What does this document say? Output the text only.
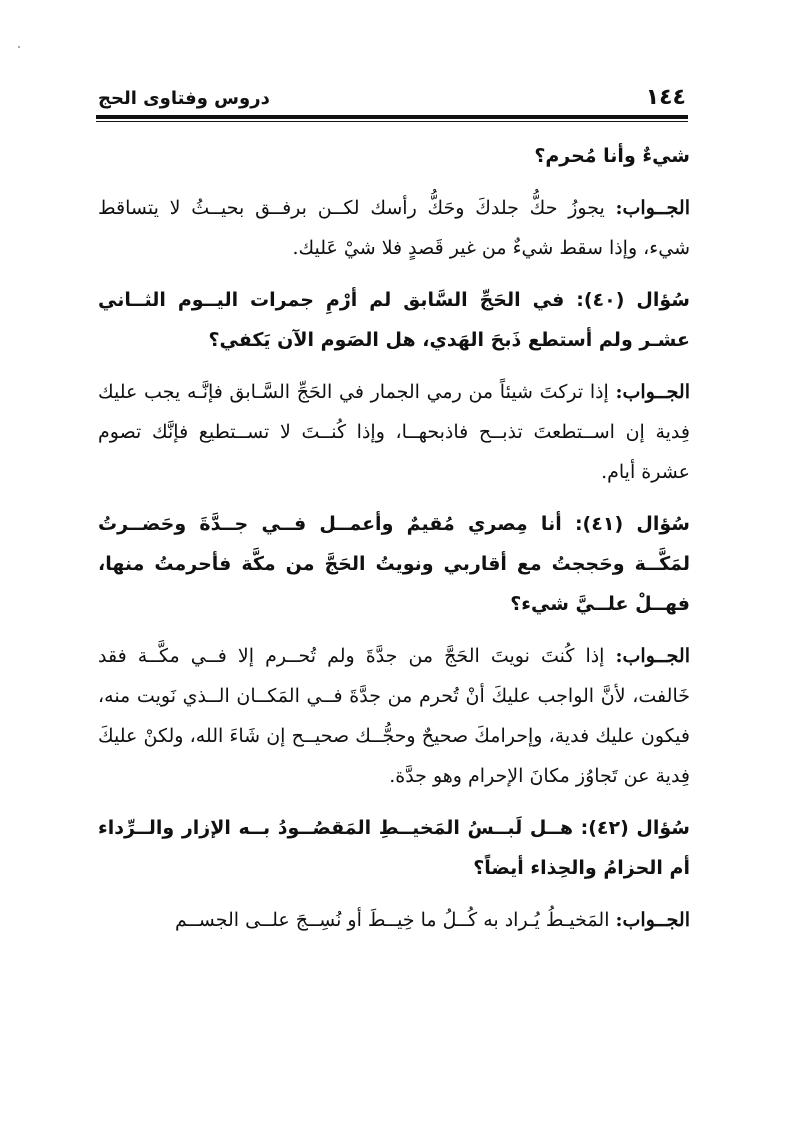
١٤٤
دروس وفتاوى الحج

شيءٌ وأنا مُحرم؟

الجــواب: يجوزُ حكُّ جلدكَ وحَكُّ رأسك لكــن برفــق بحيــثُ لا يتساقط شيء، وإذا سقط شيءٌ من غير قَصدٍ فلا شيْ عَليك.

سُؤال (٤٠): في الحَجِّ السَّابق لم أرْمِ جمرات اليــوم الثــاني عشـر ولم أستطع ذَبحَ الهَدي، هل الصَوم الآن يَكفي؟

الجــواب: إذا تركتَ شيئاً من رمي الجمار في الحَجِّ السَّـابق فإنَّـه يجب عليك فِدية إن اســتطعتَ تذبــح فاذبحهــا، وإذا كُنــتَ لا تســتطيع فإنَّك تصوم عشرة أيام.

سُؤال (٤١): أنا مِصري مُقيمٌ وأعمــل فــي جــدَّةَ وحَضــرتُ لمَكَّــة وحَججتُ مع أقاربي ونويتُ الحَجَّ من مكَّة فأحرمتُ منها، فهــلْ علــيَّ شيء؟

الجــواب: إذا كُنتَ نويتَ الحَجَّ من جدَّةَ ولم تُحــرم إلا فــي مكَّــة فقد خَالفت، لأنَّ الواجب عليكَ أنْ تُحرم من جدَّةَ فــي المَكــان الــذي نَويت منه، فيكون عليك فدية، وإحرامكَ صحيحٌ وحجُّــك صحيــح إن شَاءَ الله، ولكنْ عليكَ فِدية عن تَجاوُز مكانَ الإحرام وهو جدَّة.

سُؤال (٤٢): هــل لَبــسُ المَخيــطِ المَقصُــودُ بــه الإزار والــرِّداء أم الحزامُ والحِذاء أيضاً؟

الجــواب: المَخيـطُ يُـراد به كُــلُ ما خِيــطَ أو نُسِــجَ علــى الجســم
